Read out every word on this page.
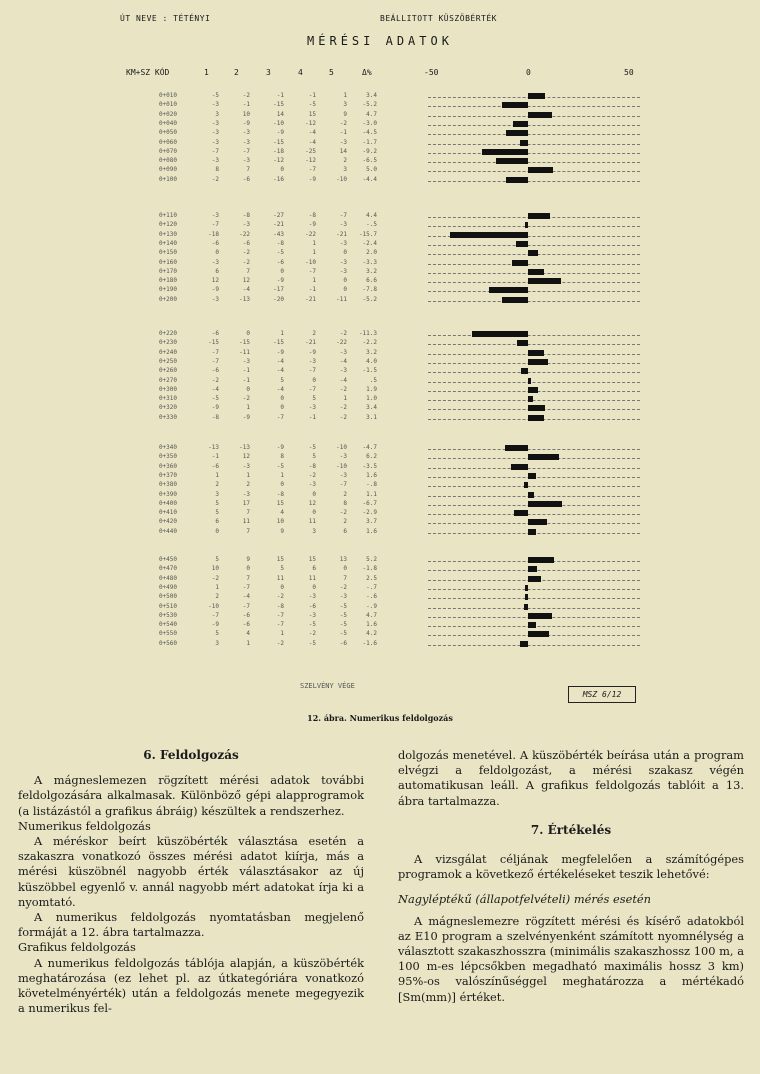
ÚT NEVE : TÉTÉNYI	BEÁLLITOTT KÜSZÖBÉRTÉK
MÉRÉSI ADATOK
KM+SZ KÓD	1	2	3	4	5	Δ%	-50	0	50
0+010	-5	-2	-1	-1	1	3.4
0+010	-3	-1	-15	-5	3	-5.2
0+020	3	10	14	15	9	4.7
0+040	-3	-9	-10	-12	-2	-3.0
0+050	-3	-3	-9	-4	-1	-4.5
0+060	-3	-3	-15	-4	-3	-1.7
0+070	-7	-7	-18	-25	14	-9.2
0+080	-3	-3	-12	-12	2	-6.5
0+090	8	7	0	-7	3	5.0
0+100	-2	-6	-16	-9	-10	-4.4
0+110	-3	-8	-27	-8	-7	4.4
0+120	-7	-3	-21	-9	-3	-.5
0+130	-18	-22	-43	-22	-21	-15.7
0+140	-6	-6	-8	1	-3	-2.4
0+150	0	-2	-5	1	0	2.0
0+160	-3	-2	-6	-10	-3	-3.3
0+170	6	7	0	-7	-3	3.2
0+180	12	12	-9	1	0	6.6
0+190	-9	-4	-17	-1	0	-7.8
0+200	-3	-13	-20	-21	-11	-5.2
0+220	-6	0	1	2	-2	-11.3
0+230	-15	-15	-15	-21	-22	-2.2
0+240	-7	-11	-9	-9	-3	3.2
0+250	-7	-3	-4	-3	-4	4.0
0+260	-6	-1	-4	-7	-3	-1.5
0+270	-2	-1	5	0	-4	.5
0+300	-4	0	-4	-7	-2	1.9
0+310	-5	-2	0	5	1	1.0
0+320	-9	1	0	-3	-2	3.4
0+330	-8	-9	-7	-1	-2	3.1
0+340	-13	-13	-9	-5	-10	-4.7
0+350	-1	12	8	5	-3	6.2
0+360	-6	-3	-5	-8	-10	-3.5
0+370	1	1	1	-2	-3	1.6
0+380	2	2	0	-3	-7	-.8
0+390	3	-3	-8	0	2	1.1
0+400	5	17	15	12	8	-6.7
0+410	5	7	4	0	-2	-2.9
0+420	6	11	10	11	2	3.7
0+440	0	7	9	3	6	1.6
0+450	5	9	15	15	13	5.2
0+470	10	0	5	6	0	-1.8
0+480	-2	7	11	11	7	2.5
0+490	1	-7	0	0	-2	-.7
0+500	2	-4	-2	-3	-3	-.6
0+510	-10	-7	-8	-6	-5	-.9
0+530	-7	-6	-7	-3	-5	4.7
0+540	-9	-6	-7	-5	-5	1.6
0+550	5	4	1	-2	-5	4.2
0+560	3	1	-2	-5	-6	-1.6
SZELVÉNY VÉGE
MSZ 6/12
12. ábra. Numerikus feldolgozás
6. Feldolgozás

A mágneslemezen rögzített mérési adatok további feldolgozására alkalmasak. Különböző gépi alapprogramok (a listázástól a grafikus ábráig) készültek a rendszerhez.

Numerikus feldolgozás

A méréskor beírt küszöbérték választása esetén a szakaszra vonatkozó összes mérési adatot kiírja, más a mérési küszöbnél nagyobb érték választásakor az új küszöbbel egyenlő v. annál nagyobb mért adatokat írja ki a nyomtató.

A numerikus feldolgozás nyomtatásban megjelenő formáját a 12. ábra tartalmazza.

Grafikus feldolgozás

A numerikus feldolgozás táblója alapján, a küszöbérték meghatározása (ez lehet pl. az útkategóriára vonatkozó követelményérték) után a feldolgozás menete megegyezik a numerikus fel-

dolgozás menetével. A küszöbérték beírása után a program elvégzi a feldolgozást, a mérési szakasz végén automatikusan leáll. A grafikus feldolgozás tablóit a 13. ábra tartalmazza.

7. Értékelés

A vizsgálat céljának megfelelően a számítógépes programok a következő értékeléseket teszik lehetővé:

Nagyléptékű (állapotfelvételi) mérés esetén

A mágneslemezre rögzített mérési és kísérő adatokból az E10 program a szelvényenként számított nyomnélység a választott szakaszhosszra (minimális szakaszhossz 100 m, a 100 m-es lépcsőkben megadható maximális hossz 3 km) 95%-os valószínűséggel meghatározza a mértékadó [Sm(mm)] értéket.
